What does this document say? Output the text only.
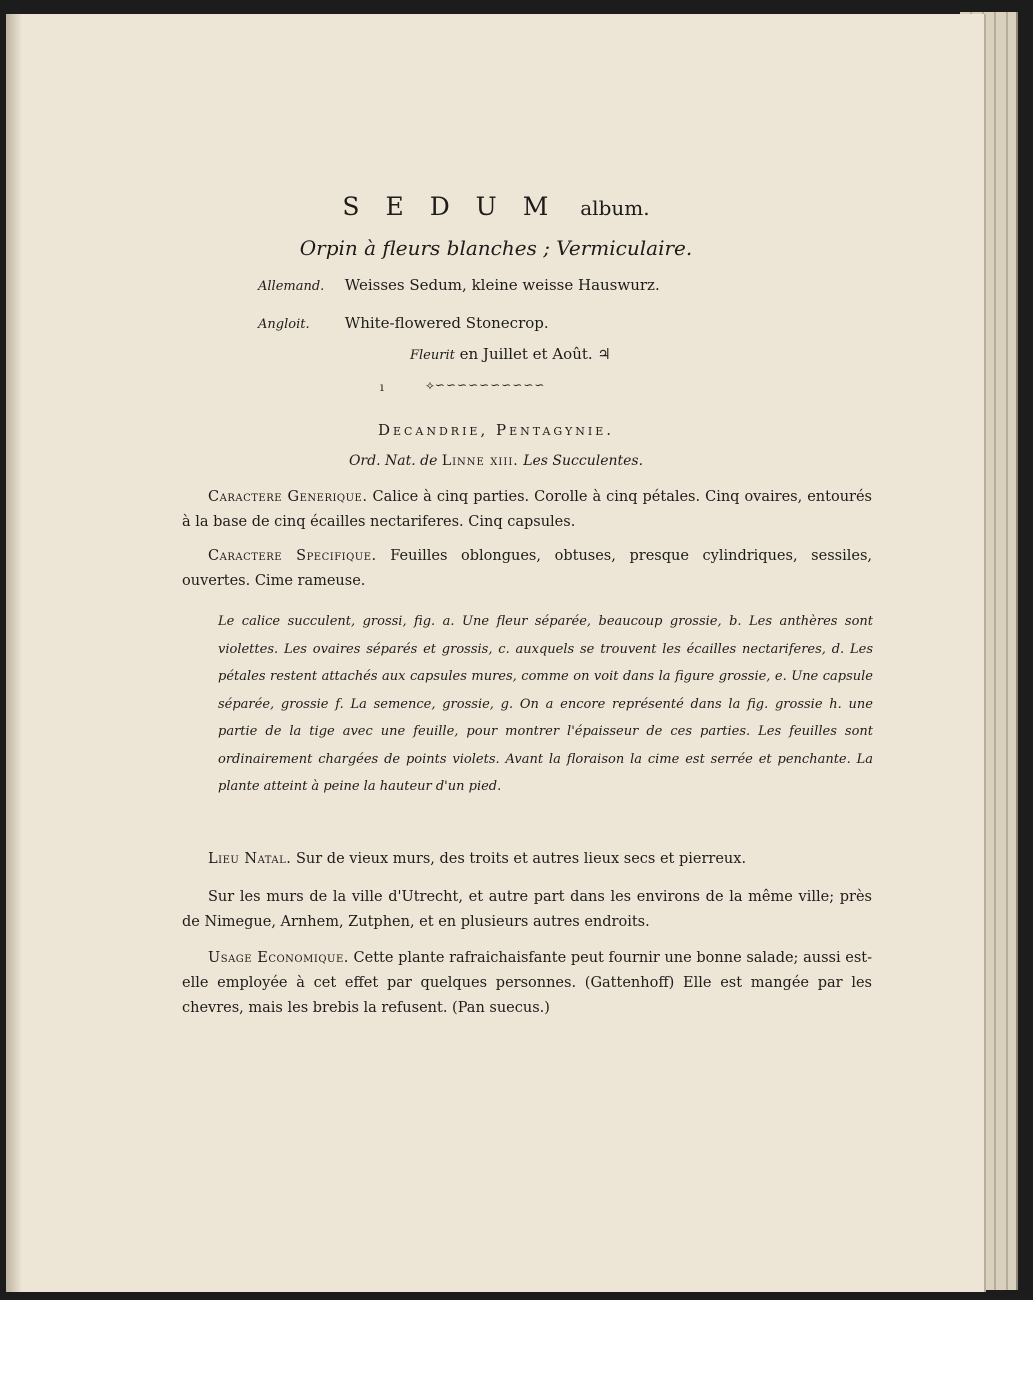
S E D U M album.
Orpin à fleurs blanches ; Vermiculaire.
Allemand. Weisses Sedum, kleine weisse Hauswurz.
Angloit. White-flowered Stonecrop.
Fleurit en Juillet et Août. ♃
ı	⟡∽∽∽∽∽∽∽∽∽∽
Decandrie, Pentagynie.
Ord. Nat. de Linne xiii. Les Succulentes.
Caractere Generique. Calice à cinq parties. Corolle à cinq pétales. Cinq ovaires, entourés à la base de cinq écailles nectariferes. Cinq capsules.
Caractere Specifique. Feuilles oblongues, obtuses, presque cylindriques, sessiles, ouvertes. Cime rameuse.
Le calice succulent, grossi, fig. a. Une fleur séparée, beaucoup grossie, b. Les anthères sont violettes. Les ovaires séparés et grossis, c. auxquels se trouvent les écailles nectariferes, d. Les pétales restent attachés aux capsules mures, comme on voit dans la figure grossie, e. Une capsule séparée, grossie f. La semence, grossie, g. On a encore représenté dans la fig. grossie h. une partie de la tige avec une feuille, pour montrer l'épaisseur de ces parties. Les feuilles sont ordinairement chargées de points violets. Avant la floraison la cime est serrée et penchante. La plante atteint à peine la hauteur d'un pied.
Lieu Natal. Sur de vieux murs, des troits et autres lieux secs et pierreux.
Sur les murs de la ville d'Utrecht, et autre part dans les environs de la même ville; près de Nimegue, Arnhem, Zutphen, et en plusieurs autres endroits.
Usage Economique. Cette plante rafraichaisfante peut fournir une bonne salade; aussi est-elle employée à cet effet par quelques personnes. (Gattenhoff) Elle est mangée par les chevres, mais les brebis la refusent. (Pan suecus.)
